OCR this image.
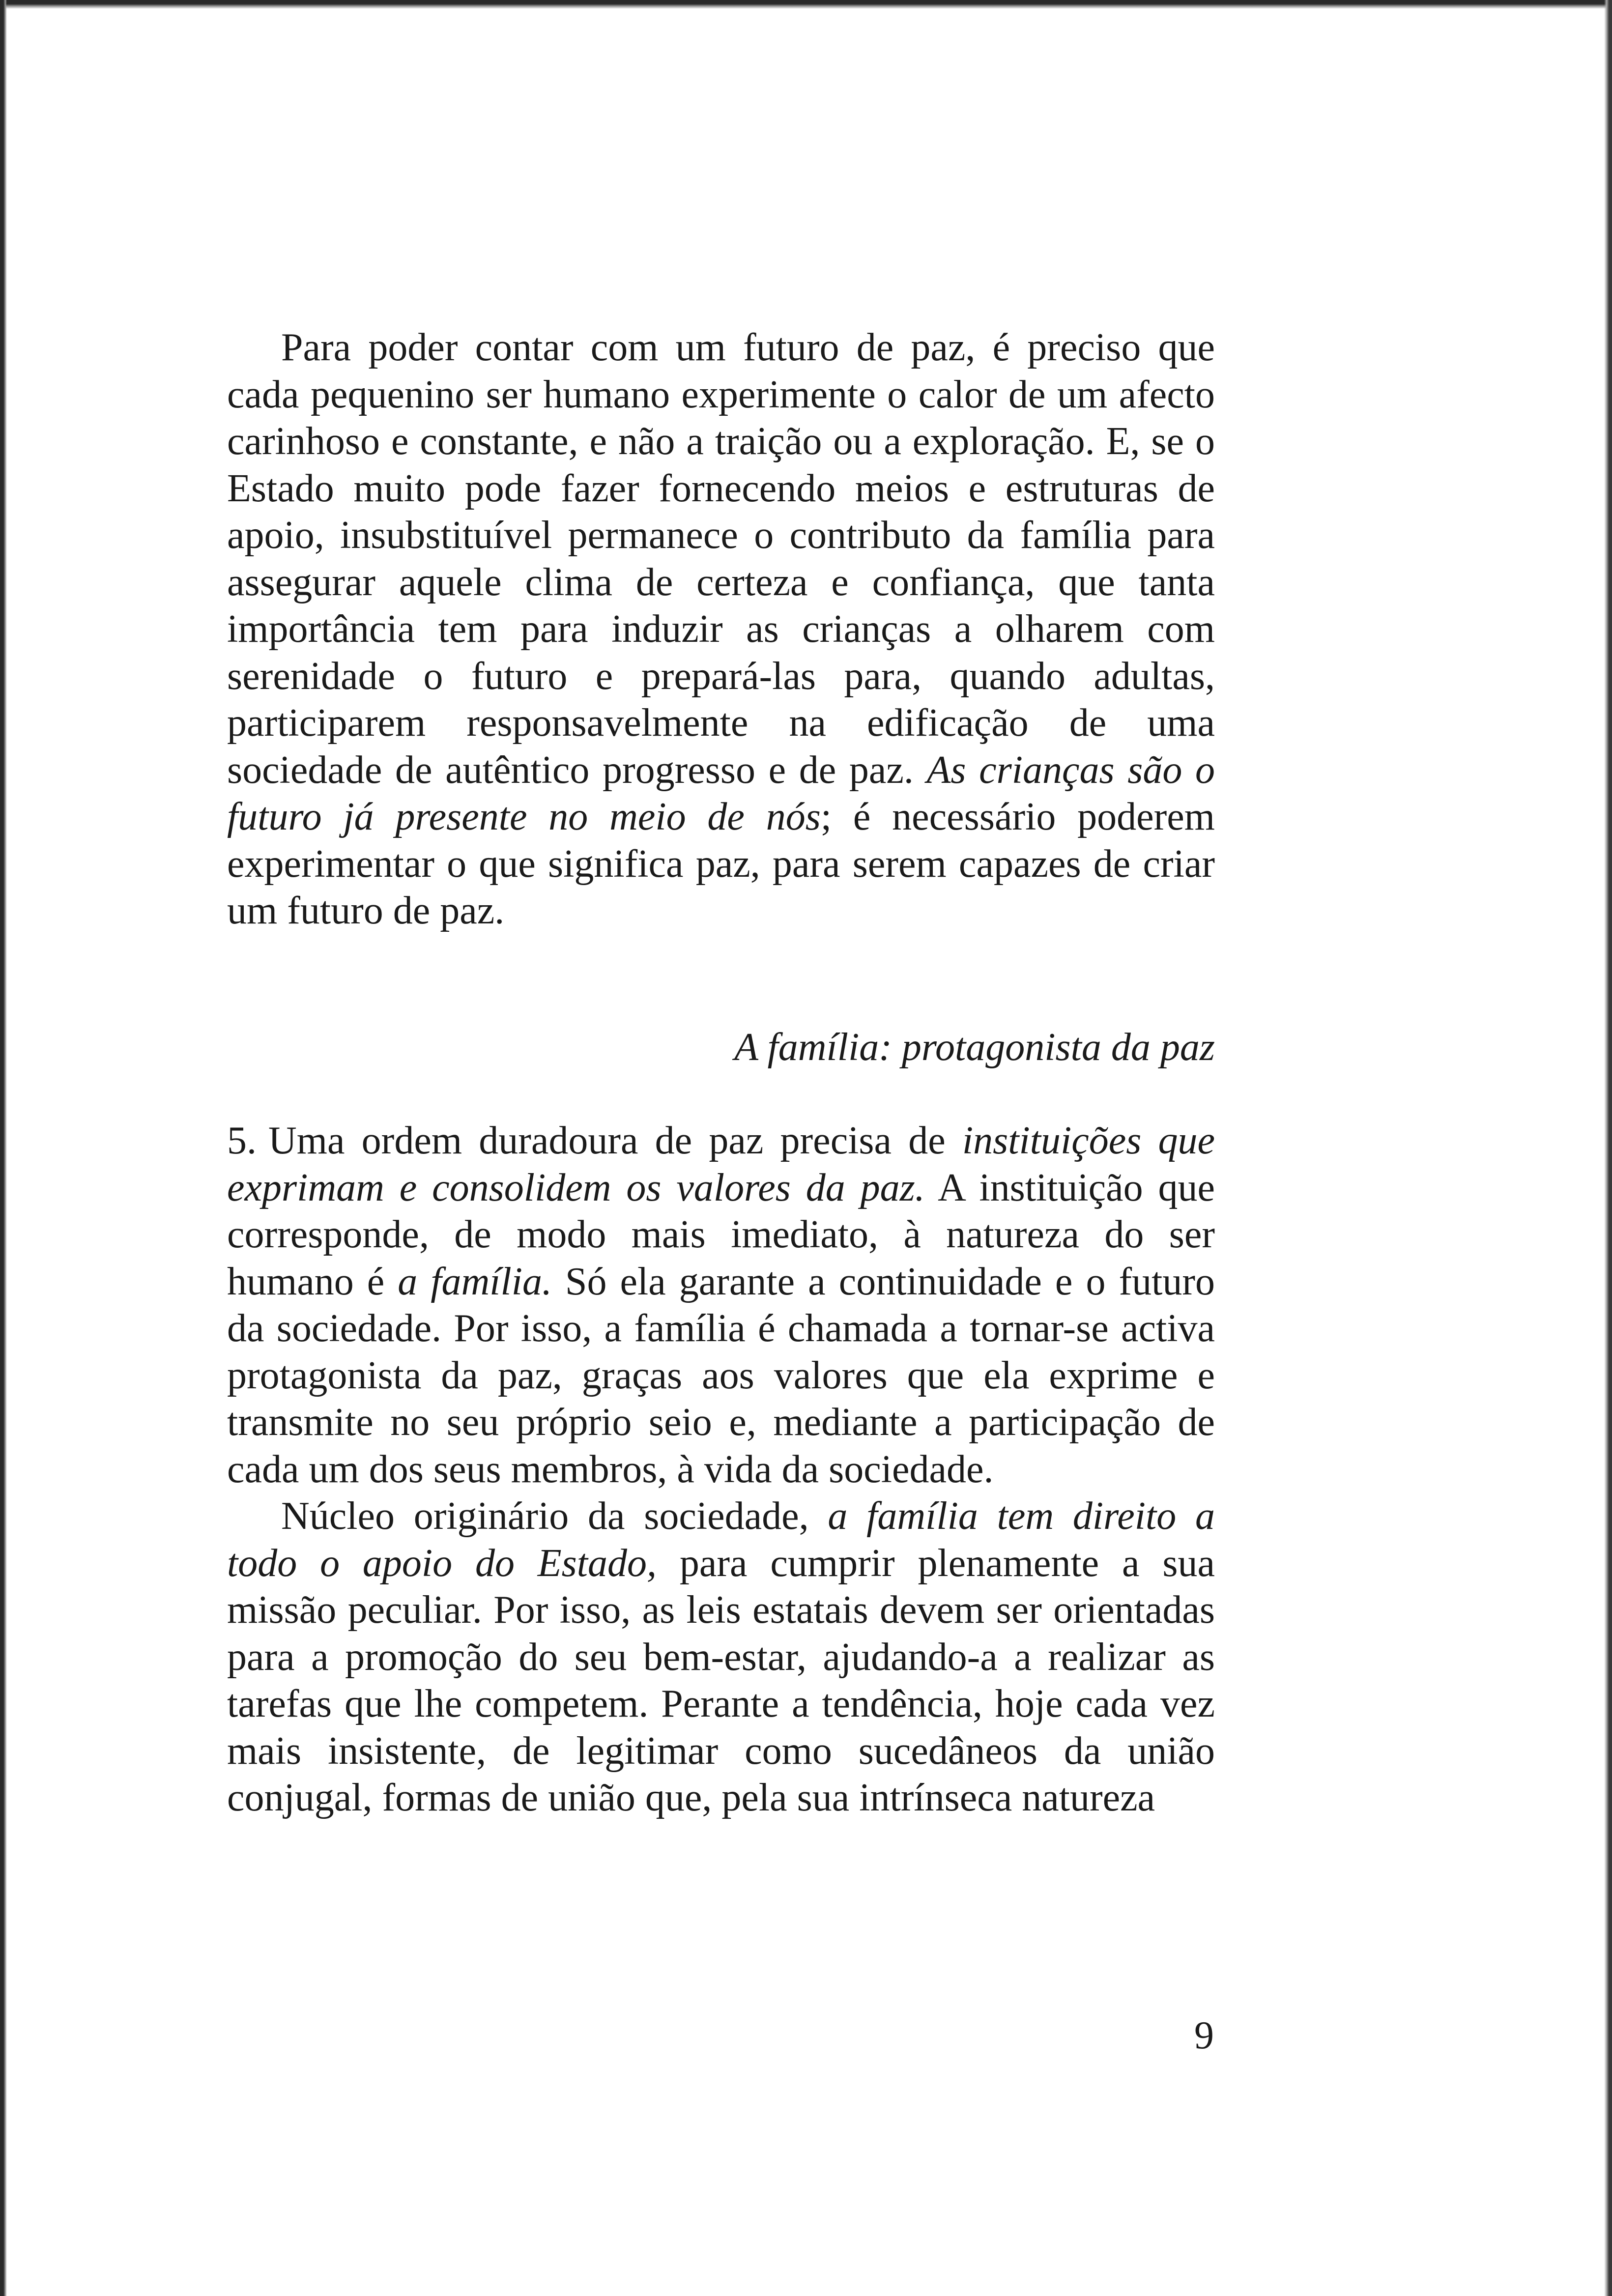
Para poder contar com um futuro de paz, é preciso que cada pequenino ser humano experimente o calor de um afecto carinhoso e constante, e não a traição ou a exploração. E, se o Estado muito pode fazer fornecendo meios e estruturas de apoio, insubstituível permanece o contributo da família para assegurar aquele clima de certeza e confiança, que tanta importância tem para induzir as crianças a olharem com serenidade o futuro e prepará-las para, quando adultas, participarem responsavelmente na edificação de uma sociedade de autêntico progresso e de paz. As crianças são o futuro já presente no meio de nós; é necessário poderem experimentar o que significa paz, para serem capazes de criar um futuro de paz.

A família: protagonista da paz

5. Uma ordem duradoura de paz precisa de instituições que exprimam e consolidem os valores da paz. A instituição que corresponde, de modo mais imediato, à natureza do ser humano é a família. Só ela garante a continuidade e o futuro da sociedade. Por isso, a família é chamada a tornar-se activa protagonista da paz, graças aos valores que ela exprime e transmite no seu próprio seio e, mediante a participação de cada um dos seus membros, à vida da sociedade.

Núcleo originário da sociedade, a família tem direito a todo o apoio do Estado, para cumprir plenamente a sua missão peculiar. Por isso, as leis estatais devem ser orientadas para a promoção do seu bem-estar, ajudando-a a realizar as tarefas que lhe competem. Perante a tendência, hoje cada vez mais insistente, de legitimar como sucedâneos da união conjugal, formas de união que, pela sua intrínseca natureza

9
